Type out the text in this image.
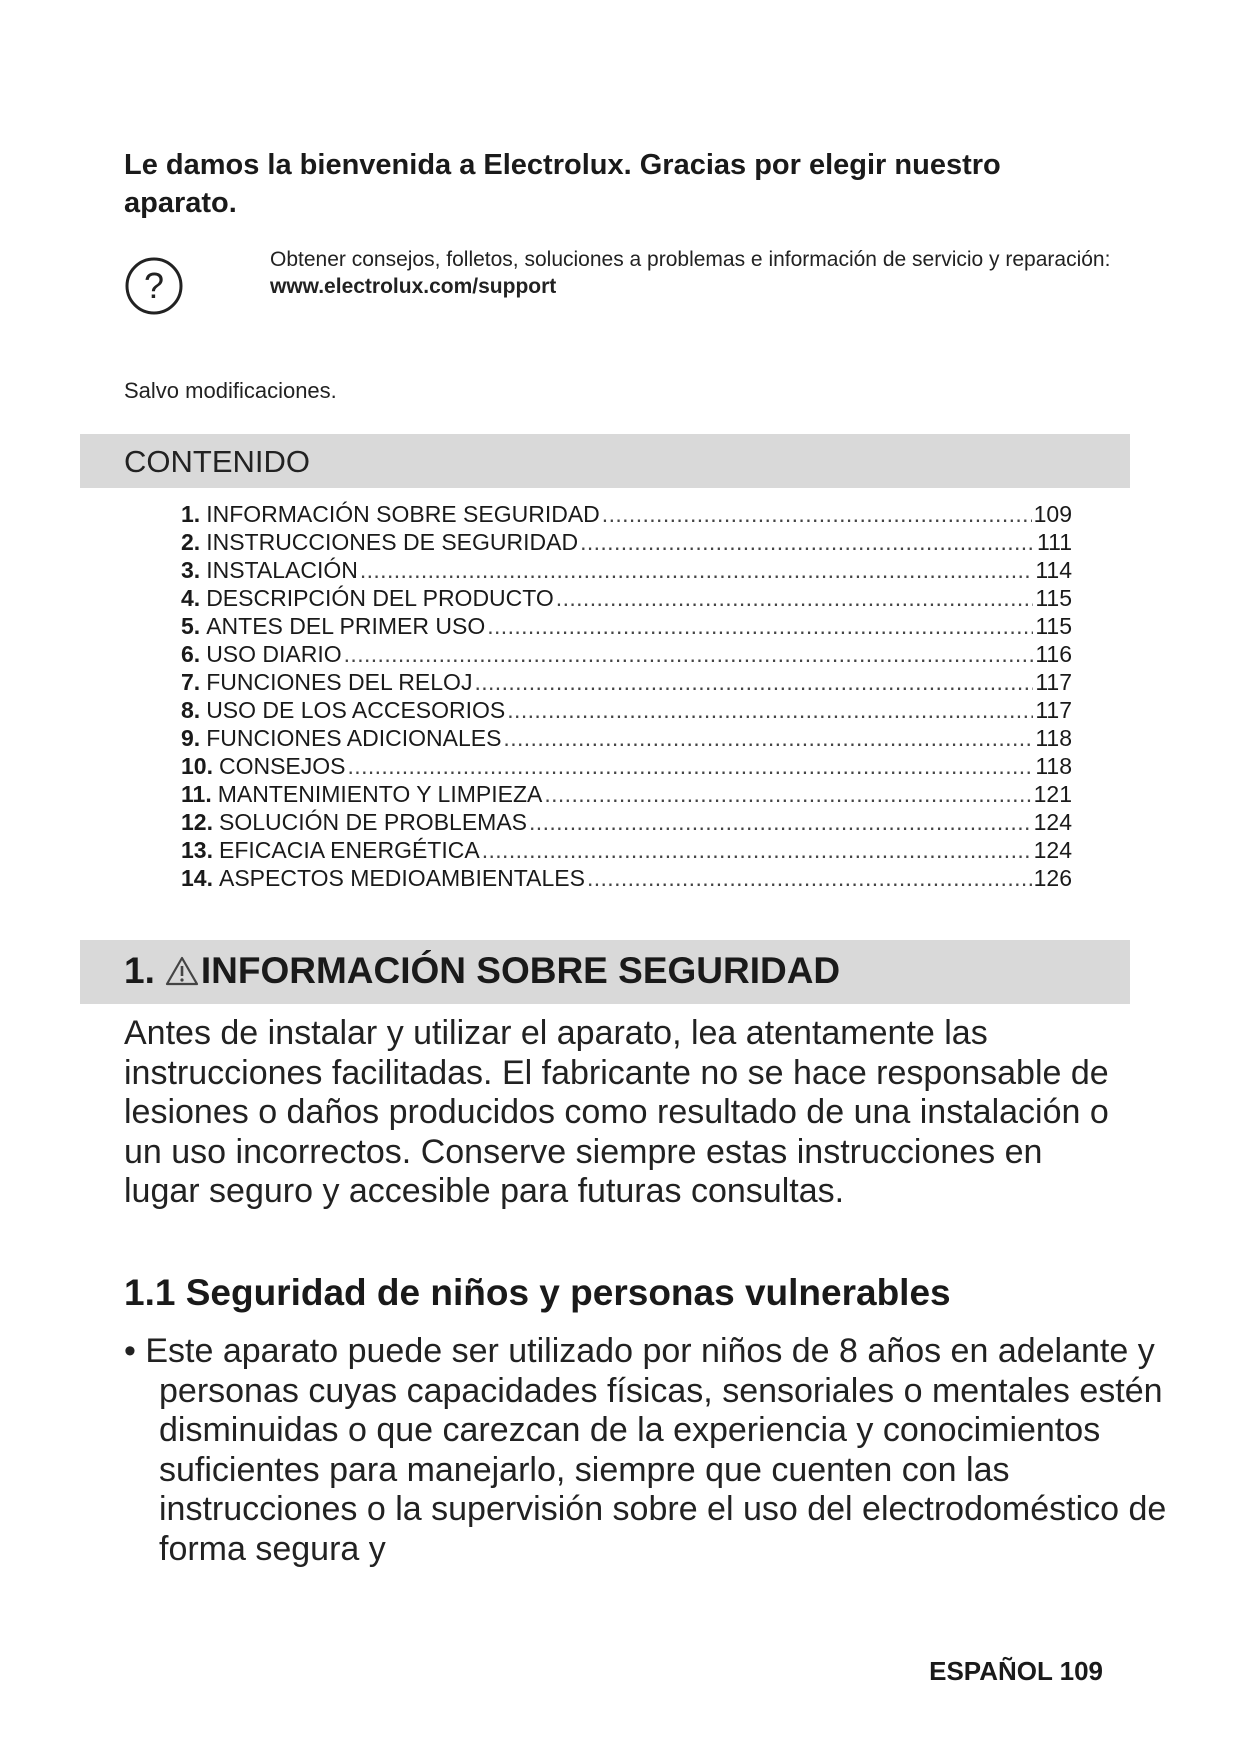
Le damos la bienvenida a Electrolux. Gracias por elegir nuestro aparato.
?
Obtener consejos, folletos, soluciones a problemas e información de servicio y reparación:
www.electrolux.com/support
Salvo modificaciones.
CONTENIDO
1. INFORMACIÓN SOBRE SEGURIDAD . . .	109
2. INSTRUCCIONES DE SEGURIDAD . . .	111
3. INSTALACIÓN . . .	114
4. DESCRIPCIÓN DEL PRODUCTO . . .	115
5. ANTES DEL PRIMER USO . . .	115
6. USO DIARIO . . .	116
7. FUNCIONES DEL RELOJ . . .	117
8. USO DE LOS ACCESORIOS . . .	117
9. FUNCIONES ADICIONALES . . .	118
10. CONSEJOS . . .	118
11. MANTENIMIENTO Y LIMPIEZA . . .	121
12. SOLUCIÓN DE PROBLEMAS . . .	124
13. EFICACIA ENERGÉTICA . . .	124
14. ASPECTOS MEDIOAMBIENTALES . . .	126
1. INFORMACIÓN SOBRE SEGURIDAD

Antes de instalar y utilizar el aparato, lea atentamente las instrucciones facilitadas. El fabricante no se hace responsable de lesiones o daños producidos como resultado de una instalación o un uso incorrectos. Conserve siempre estas instrucciones en lugar seguro y accesible para futuras consultas.

1.1 Seguridad de niños y personas vulnerables

• Este aparato puede ser utilizado por niños de 8 años en adelante y personas cuyas capacidades físicas, sensoriales o mentales estén disminuidas o que carezcan de la experiencia y conocimientos suficientes para manejarlo, siempre que cuenten con las instrucciones o la supervisión sobre el uso del electrodoméstico de forma segura y

ESPAÑOL 109
